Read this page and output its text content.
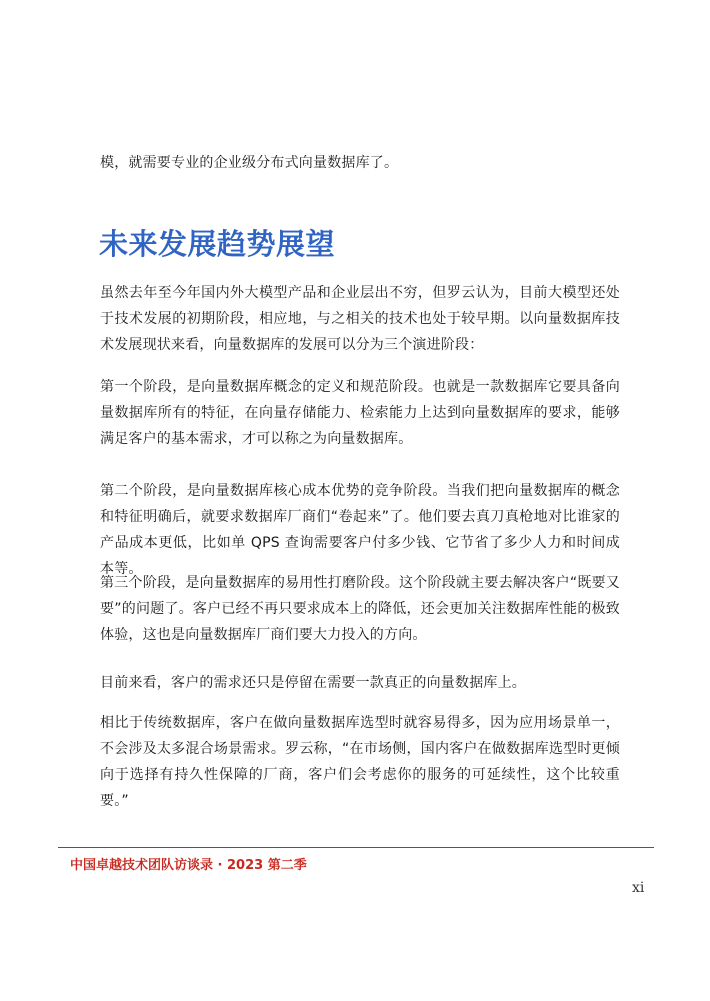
模，就需要专业的企业级分布式向量数据库了。

未来发展趋势展望

虽然去年至今年国内外大模型产品和企业层出不穷，但罗云认为，目前大模型还处于技术发展的初期阶段，相应地，与之相关的技术也处于较早期。以向量数据库技术发展现状来看，向量数据库的发展可以分为三个演进阶段：

第一个阶段，是向量数据库概念的定义和规范阶段。也就是一款数据库它要具备向量数据库所有的特征，在向量存储能力、检索能力上达到向量数据库的要求，能够满足客户的基本需求，才可以称之为向量数据库。

第二个阶段，是向量数据库核心成本优势的竞争阶段。当我们把向量数据库的概念和特征明确后，就要求数据库厂商们“卷起来”了。他们要去真刀真枪地对比谁家的产品成本更低，比如单 QPS 查询需要客户付多少钱、它节省了多少人力和时间成本等。

第三个阶段，是向量数据库的易用性打磨阶段。这个阶段就主要去解决客户“既要又要”的问题了。客户已经不再只要求成本上的降低，还会更加关注数据库性能的极致体验，这也是向量数据库厂商们要大力投入的方向。

目前来看，客户的需求还只是停留在需要一款真正的向量数据库上。

相比于传统数据库，客户在做向量数据库选型时就容易得多，因为应用场景单一，不会涉及太多混合场景需求。罗云称，“在市场侧，国内客户在做数据库选型时更倾向于选择有持久性保障的厂商，客户们会考虑你的服务的可延续性，这个比较重要。”

中国卓越技术团队访谈录 · 2023 第二季
xi
